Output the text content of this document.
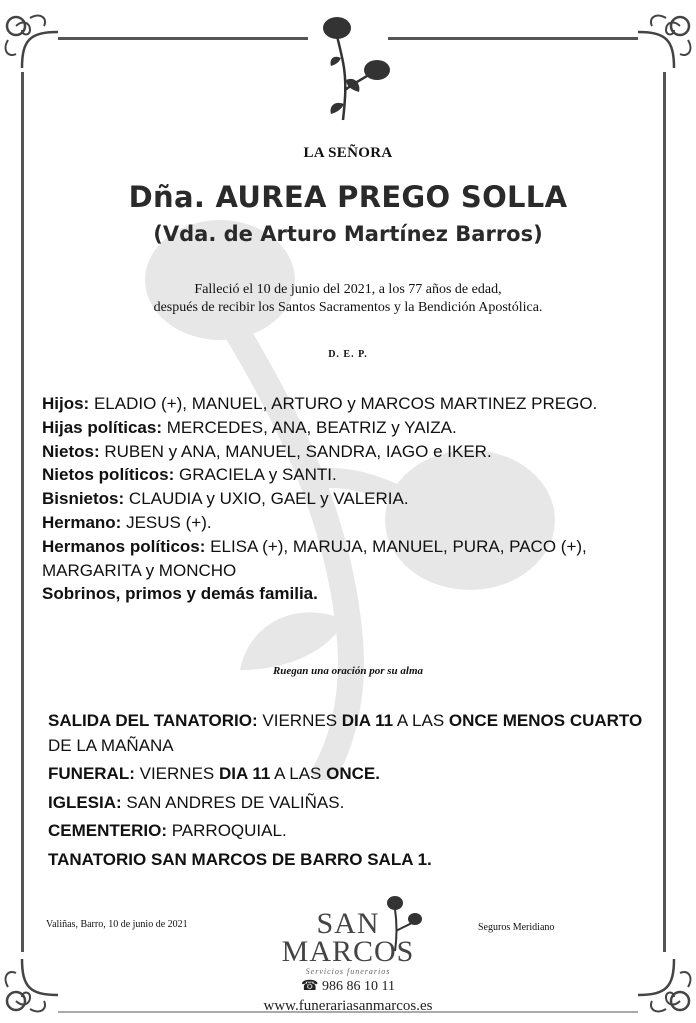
LA SEÑORA
Dña. AUREA PREGO SOLLA
(Vda. de Arturo Martínez Barros)
Falleció el 10 de junio del 2021, a los 77 años de edad,
después de recibir los Santos Sacramentos y la Bendición Apostólica.
D. E. P.
Hijos: ELADIO (+), MANUEL, ARTURO y MARCOS MARTINEZ PREGO.
Hijas políticas: MERCEDES, ANA, BEATRIZ y YAIZA.
Nietos: RUBEN y ANA, MANUEL, SANDRA, IAGO e IKER.
Nietos políticos: GRACIELA y SANTI.
Bisnietos: CLAUDIA y UXIO, GAEL y VALERIA.
Hermano: JESUS (+).
Hermanos políticos: ELISA (+), MARUJA, MANUEL, PURA, PACO (+), MARGARITA y MONCHO
Sobrinos, primos y demás familia.
Ruegan una oración por su alma
SALIDA DEL TANATORIO: VIERNES DIA 11 A LAS ONCE MENOS CUARTO DE LA MAÑANA
FUNERAL: VIERNES DIA 11 A LAS ONCE.
IGLESIA: SAN ANDRES DE VALIÑAS.
CEMENTERIO: PARROQUIAL.
TANATORIO SAN MARCOS DE BARRO SALA 1.
Valiñas, Barro, 10 de junio de 2021	Seguros Meridiano
SAN
MARCOS
Servicios funerarios
☎ 986 86 10 11
www.funerariasanmarcos.es
